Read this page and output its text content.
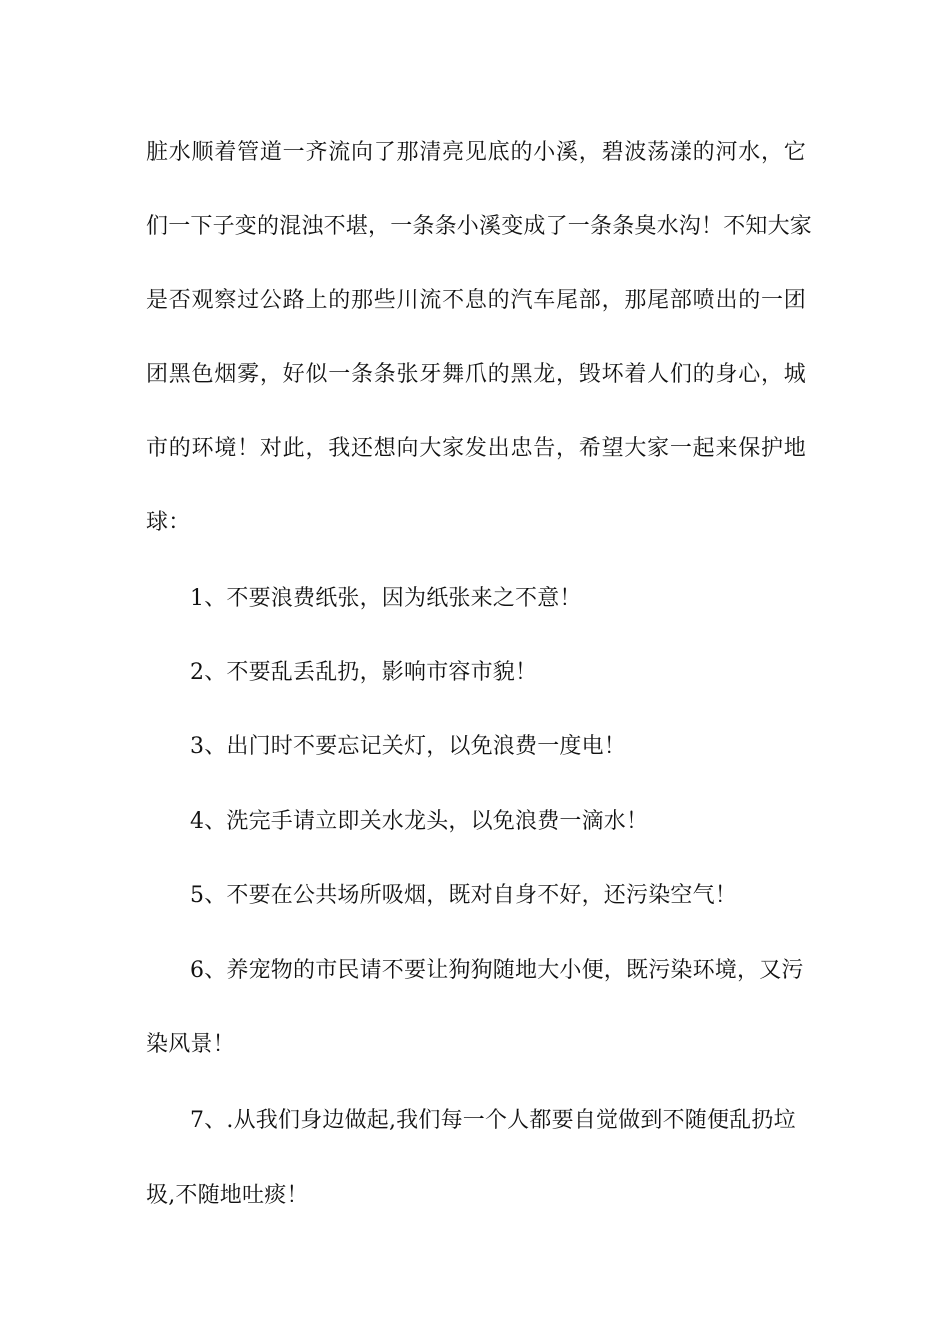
脏水顺着管道一齐流向了那清亮见底的小溪，碧波荡漾的河水，它
们一下子变的混浊不堪，一条条小溪变成了一条条臭水沟！不知大家
是否观察过公路上的那些川流不息的汽车尾部，那尾部喷出的一团
团黑色烟雾，好似一条条张牙舞爪的黑龙，毁坏着人们的身心，城
市的环境！对此，我还想向大家发出忠告，希望大家一起来保护地
球：
1、不要浪费纸张，因为纸张来之不意！
2、不要乱丢乱扔，影响市容市貌！
3、出门时不要忘记关灯，以免浪费一度电！
4、洗完手请立即关水龙头，以免浪费一滴水！
5、不要在公共场所吸烟，既对自身不好，还污染空气！
6、养宠物的市民请不要让狗狗随地大小便，既污染环境，又污
染风景！
7、.从我们身边做起,我们每一个人都要自觉做到不随便乱扔垃
圾,不随地吐痰！
